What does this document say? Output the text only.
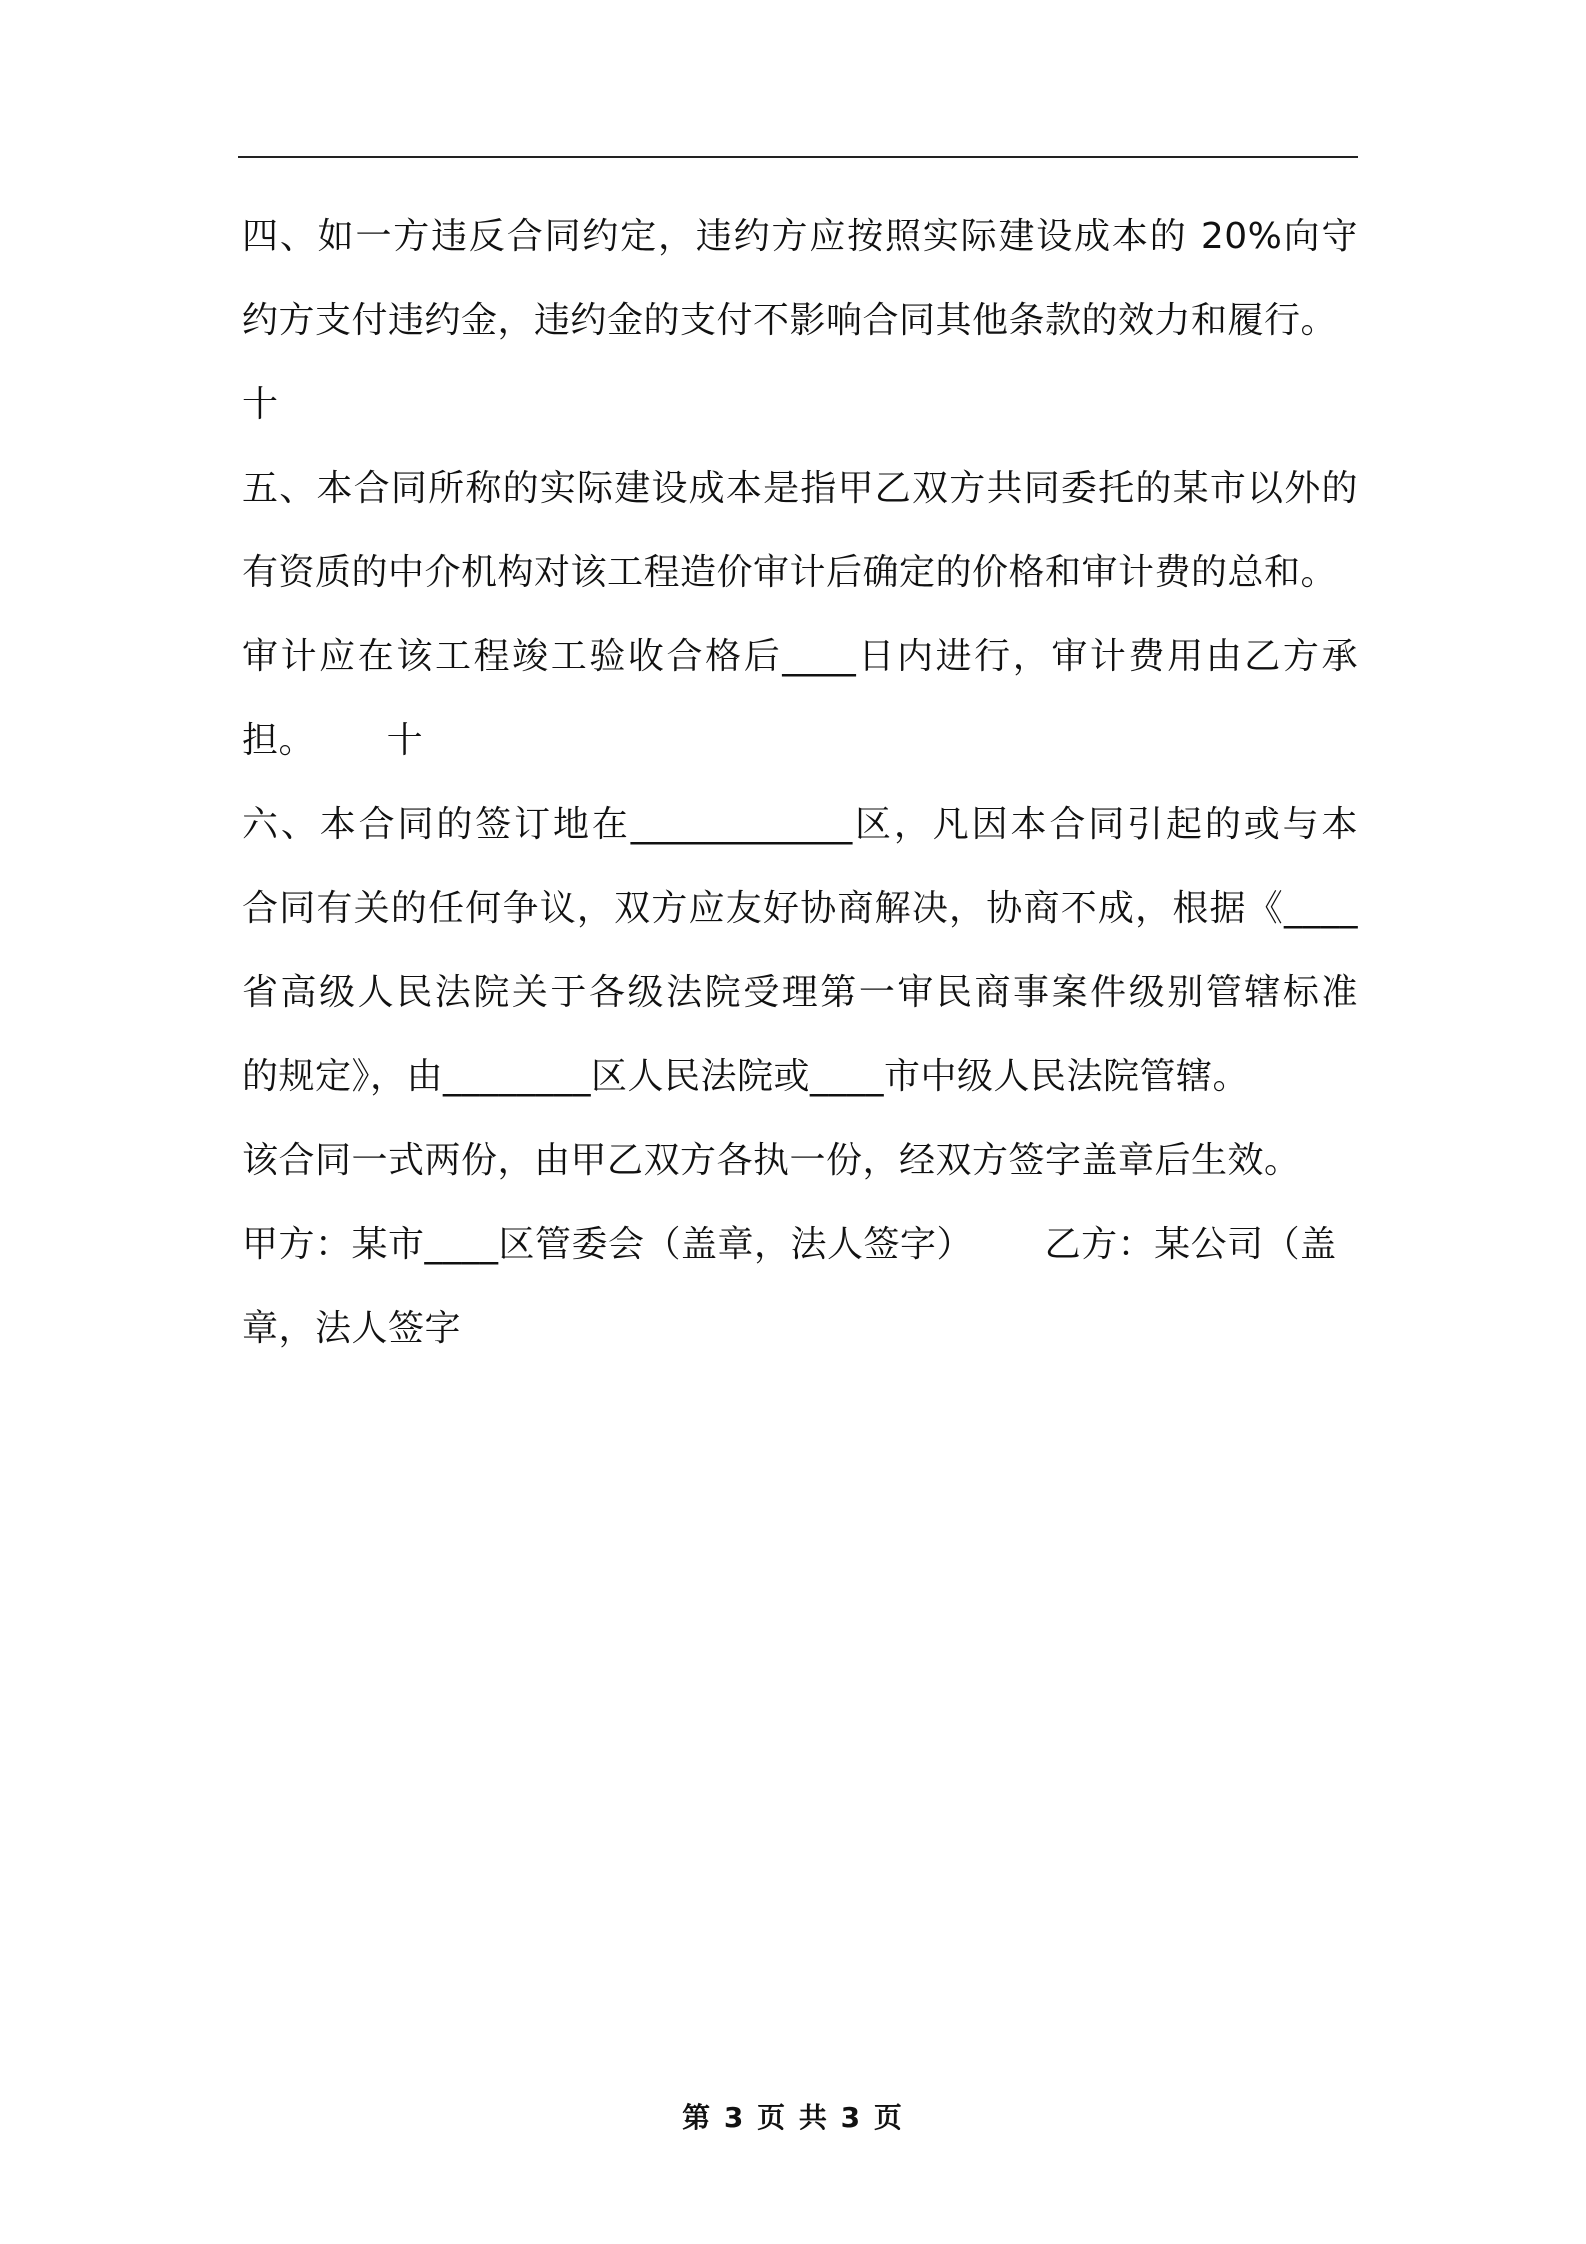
四、如一方违反合同约定，违约方应按照实际建设成本的 20%向守
约方支付违约金，违约金的支付不影响合同其他条款的效力和履行。
十
五、本合同所称的实际建设成本是指甲乙双方共同委托的某市以外的
有资质的中介机构对该工程造价审计后确定的价格和审计费的总和。
审计应在该工程竣工验收合格后____日内进行，审计费用由乙方承
担。      十
六、本合同的签订地在____________区，凡因本合同引起的或与本
合同有关的任何争议，双方应友好协商解决，协商不成，根据《____
省高级人民法院关于各级法院受理第一审民商事案件级别管辖标准
的规定》，由________区人民法院或____市中级人民法院管辖。
该合同一式两份，由甲乙双方各执一份，经双方签字盖章后生效。
甲方：某市____区管委会（盖章，法人签字）      乙方：某公司（盖
章，法人签字
第 3 页 共 3 页
